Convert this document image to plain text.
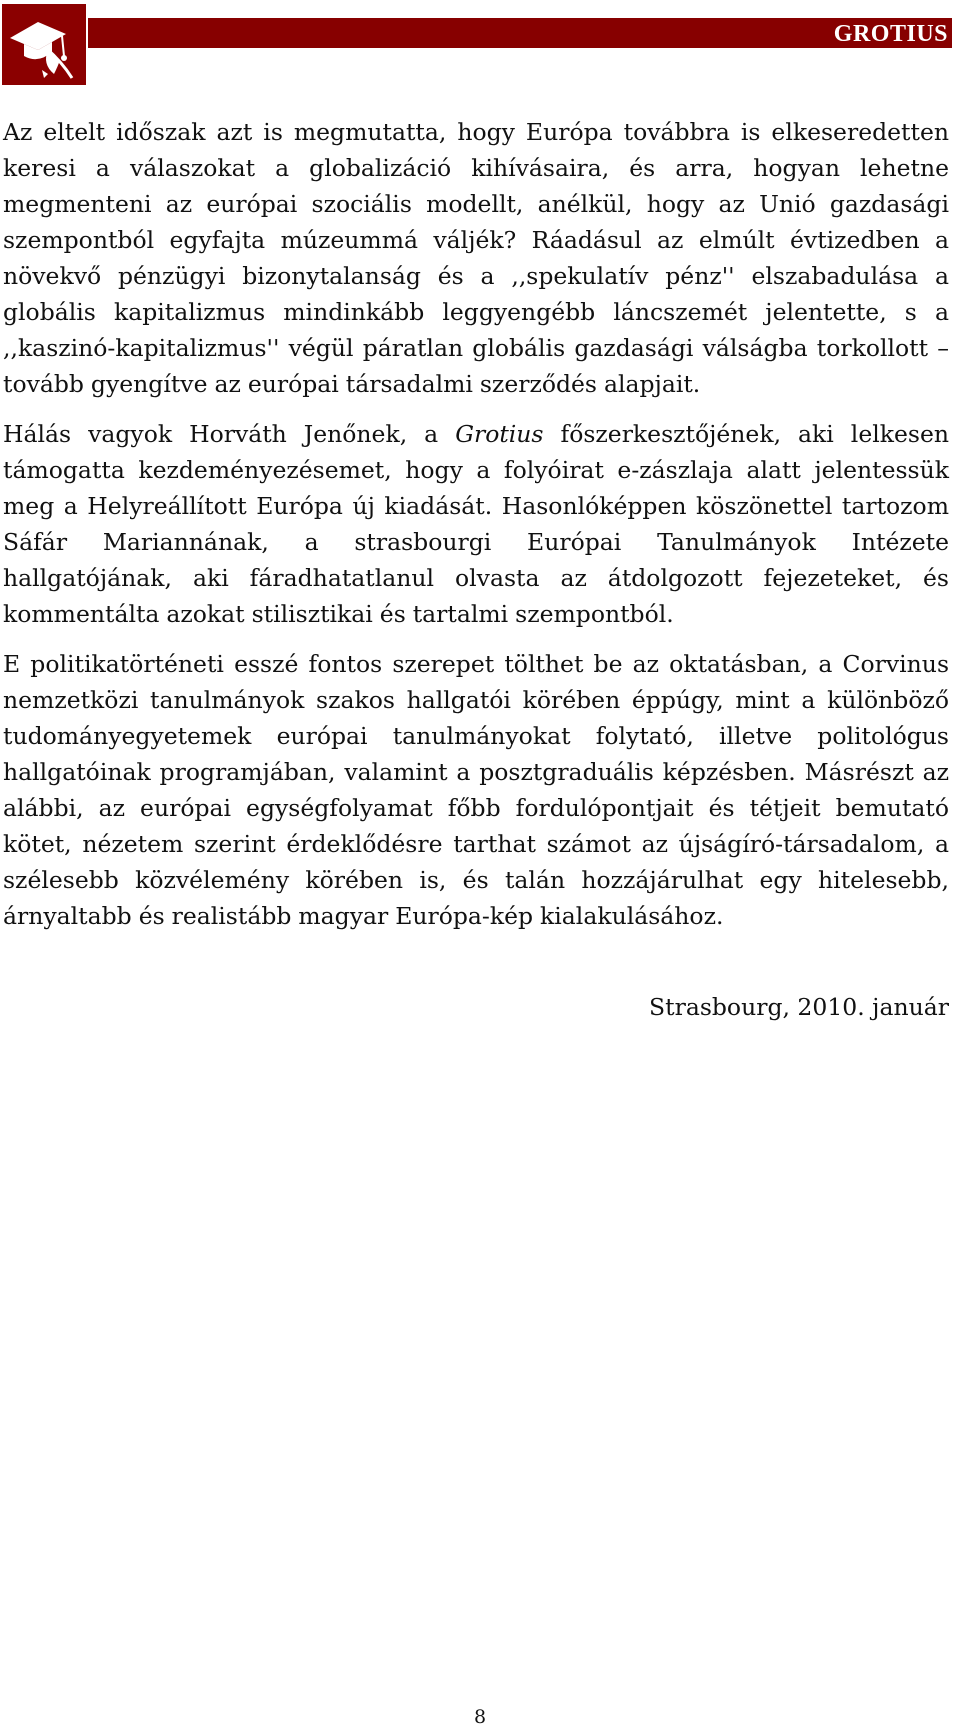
GROTIUS

Az eltelt időszak azt is megmutatta, hogy Európa továbbra is elkeseredetten keresi a válaszokat a globalizáció kihívásaira, és arra, hogyan lehetne megmenteni az európai szociális modellt, anélkül, hogy az Unió gazdasági szempontból egyfajta múzeummá váljék? Ráadásul az elmúlt évtizedben a növekvő pénzügyi bizonytalanság és a ,,spekulatív pénz'' elszabadulása a globális kapitalizmus mindinkább leggyengébb láncszemét jelentette, s a ,,kaszinó-kapitalizmus'' végül páratlan globális gazdasági válságba torkollott – tovább gyengítve az európai társadalmi szerződés alapjait.

Hálás vagyok Horváth Jenőnek, a Grotius főszerkesztőjének, aki lelkesen támogatta kezdeményezésemet, hogy a folyóirat e-zászlaja alatt jelentessük meg a Helyreállított Európa új kiadását. Hasonlóképpen köszönettel tartozom Sáfár Mariannának, a strasbourgi Európai Tanulmányok Intézete hallgatójának, aki fáradhatatlanul olvasta az átdolgozott fejezeteket, és kommentálta azokat stilisztikai és tartalmi szempontból.

E politikatörténeti esszé fontos szerepet tölthet be az oktatásban, a Corvinus nemzetközi tanulmányok szakos hallgatói körében éppúgy, mint a különböző tudományegyetemek európai tanulmányokat folytató, illetve politológus hallgatóinak programjában, valamint a posztgraduális képzésben. Másrészt az alábbi, az európai egységfolyamat főbb fordulópontjait és tétjeit bemutató kötet, nézetem szerint érdeklődésre tarthat számot az újságíró-társadalom, a szélesebb közvélemény körében is, és talán hozzájárulhat egy hitelesebb, árnyaltabb és realistább magyar Európa-kép kialakulásához.

Strasbourg, 2010. január
8
